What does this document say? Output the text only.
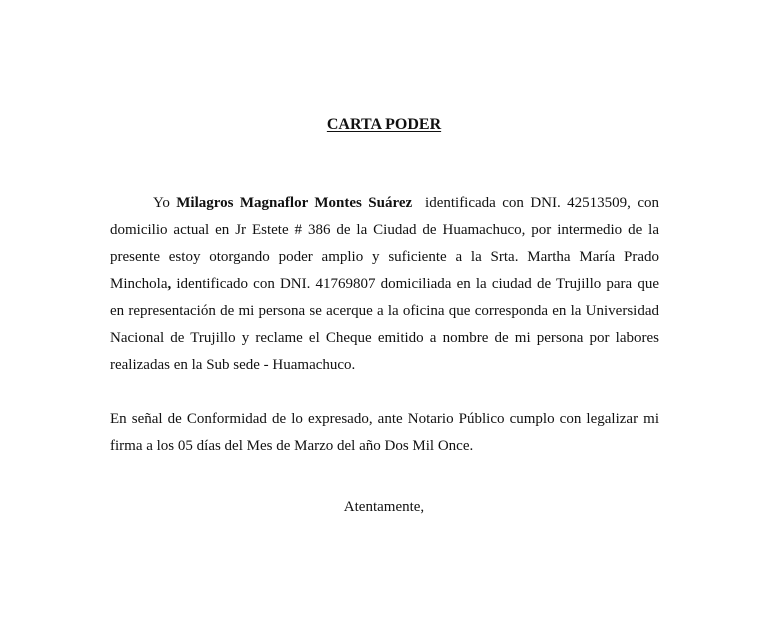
CARTA PODER

Yo Milagros Magnaflor Montes Suárez  identificada con DNI. 42513509, con domicilio actual en Jr Estete # 386 de la Ciudad de Huamachuco, por intermedio de la presente estoy otorgando poder amplio y suficiente a la Srta. Martha María Prado Minchola, identificado con DNI. 41769807 domiciliada en la ciudad de Trujillo para que en representación de mi persona se acerque a la oficina que corresponda en la Universidad Nacional de Trujillo y reclame el Cheque emitido a nombre de mi persona por labores realizadas en la Sub sede - Huamachuco.

En señal de Conformidad de lo expresado, ante Notario Público cumplo con legalizar mi firma a los 05 días del Mes de Marzo del año Dos Mil Once.

Atentamente,
